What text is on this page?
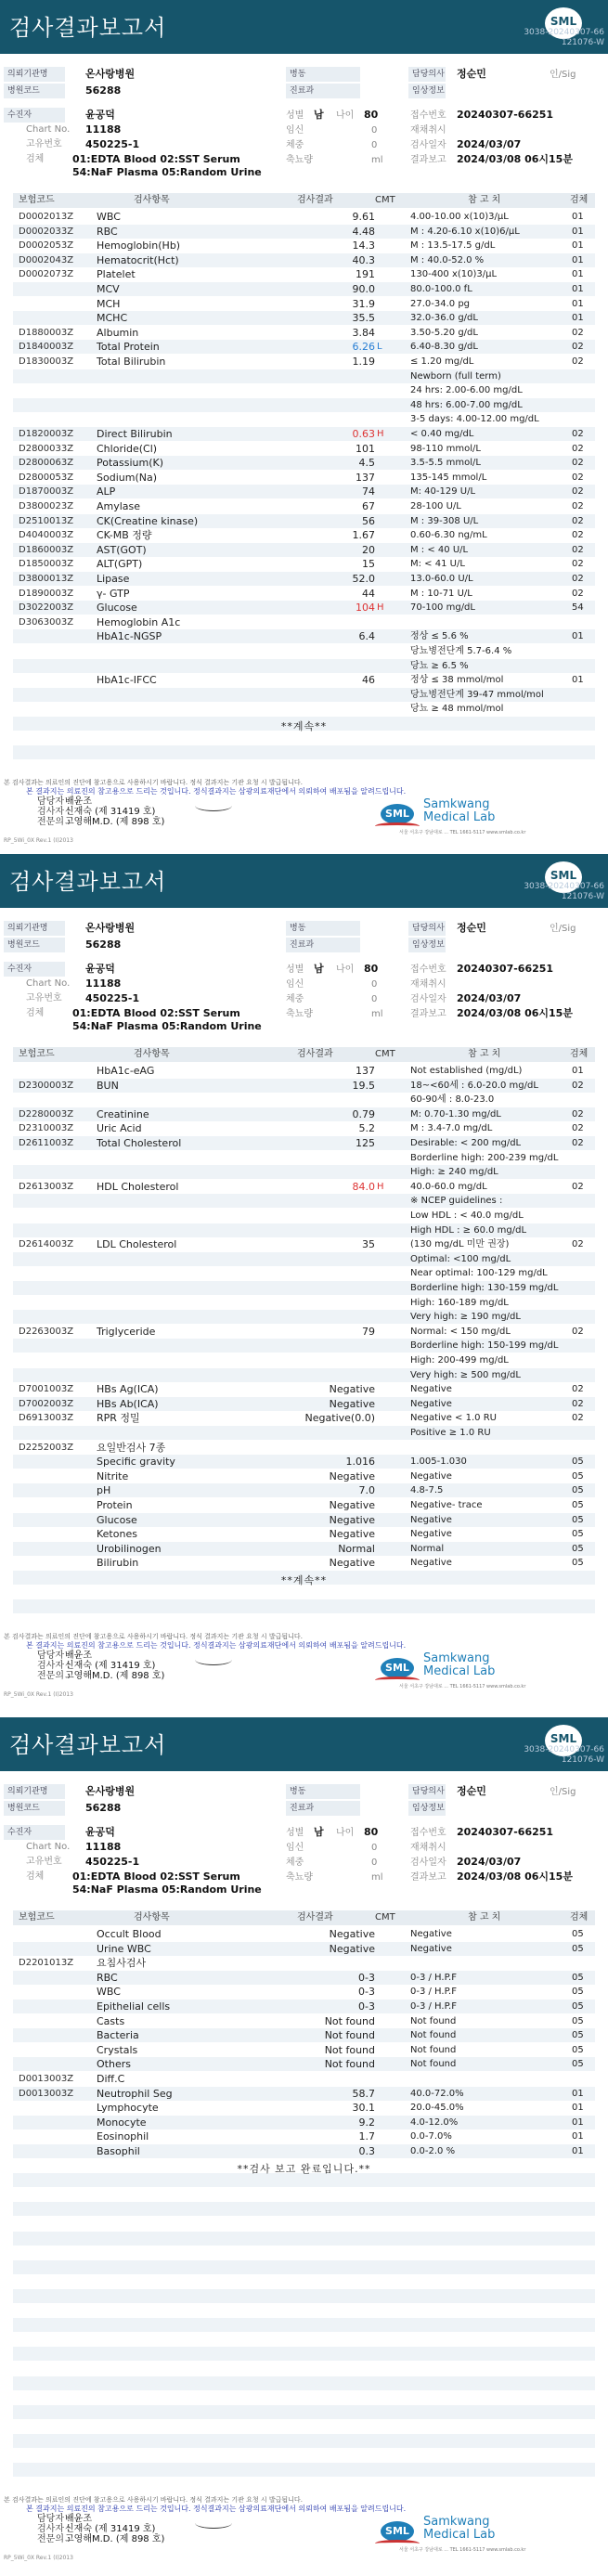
검사결과보고서	SML
3038-20240307-66
121076-W
의뢰기관명	온사랑병원	병동	담당의사 정순민	인/Sig
병원코드	56288	진료과	임상정보
수진자	윤공덕	성별 남 나이 80	접수번호 20240307-66251
Chart No. 11188	임신	0	재채취시
고유번호 450225-1	체중	0	검사일자 2024/03/07
검체	01:EDTA Blood 02:SST Serum	축뇨량	ml	결과보고 2024/03/08 06시15분
54:NaF Plasma 05:Random Urine
보험코드	검사항목	검사결과	CMT	참 고 치	검체
D0002013Z WBC	9.61	4.00-10.00 x(10)3/μL	01
D0002033Z RBC	4.48	M : 4.20-6.10 x(10)6/μL	01
D0002053Z Hemoglobin(Hb)	14.3	M : 13.5-17.5 g/dL	01
D0002043Z Hematocrit(Hct)	40.3	M : 40.0-52.0 %	01
D0002073Z Platelet	191	130-400 x(10)3/μL	01
MCV	90.0	80.0-100.0 fL	01
MCH	31.9	27.0-34.0 pg	01
MCHC	35.5	32.0-36.0 g/dL	01
D1880003Z Albumin	3.84	3.50-5.20 g/dL	02
D1840003Z Total Protein	6.26 L	6.40-8.30 g/dL	02
D1830003Z Total Bilirubin	1.19	≤ 1.20 mg/dL	02
Newborn (full term)
24 hrs: 2.00-6.00 mg/dL
48 hrs: 6.00-7.00 mg/dL
3-5 days: 4.00-12.00 mg/dL
D1820003Z Direct Bilirubin	0.63 H	< 0.40 mg/dL	02
D2800033Z Chloride(Cl)	101	98-110 mmol/L	02
D2800063Z Potassium(K)	4.5	3.5-5.5 mmol/L	02
D2800053Z Sodium(Na)	137	135-145 mmol/L	02
D1870003Z ALP	74	M: 40-129 U/L	02
D3800023Z Amylase	67	28-100 U/L	02
D2510013Z CK(Creatine kinase)	56	M : 39-308 U/L	02
D4040003Z CK-MB 정량	1.67	0.60-6.30 ng/mL	02
D1860003Z AST(GOT)	20	M : < 40 U/L	02
D1850003Z ALT(GPT)	15	M: < 41 U/L	02
D3800013Z Lipase	52.0	13.0-60.0 U/L	02
D1890003Z γ- GTP	44	M : 10-71 U/L	02
D3022003Z Glucose	104 H	70-100 mg/dL	54
D3063003Z Hemoglobin A1c
HbA1c-NGSP	6.4	정상 ≤ 5.6 %	01
당뇨병전단계 5.7-6.4 %
당뇨 ≥ 6.5 %
HbA1c-IFCC	46	정상 ≤ 38 mmol/mol	01
당뇨병전단계 39-47 mmol/mol
당뇨 ≥ 48 mmol/mol
본 검사결과는 의료인의 진단에 참고용으로 사용하시기 바랍니다. 정식 결과지는 기관 요청 시 발급됩니다.
본 결과지는 의료진의 참고용으로 드리는 것입니다. 정식결과지는 삼광의료재단에서 의뢰하여 배포됨을 알려드립니다.
담당자 :
검사자 :
전문의 :
배윤조
신재숙 (제 31419 호)
고영해M.D. (제 898 호)
SML
Samkwang
Medical Lab
서울 서초구 강남대로 ... TEL 1661-5117 www.smlab.co.kr
RP_5Wi_0X Rev.1 (I)2013
**계속**
검사결과보고서	SML
3038-20240307-66
121076-W
의뢰기관명	온사랑병원	병동	담당의사 정순민	인/Sig
병원코드	56288	진료과	임상정보
수진자	윤공덕	성별 남 나이 80	접수번호 20240307-66251
Chart No. 11188	임신	0	재채취시
고유번호 450225-1	체중	0	검사일자 2024/03/07
검체	01:EDTA Blood 02:SST Serum	축뇨량	ml	결과보고 2024/03/08 06시15분
54:NaF Plasma 05:Random Urine
보험코드	검사항목	검사결과	CMT	참 고 치	검체
HbA1c-eAG	137	Not established (mg/dL)	01
D2300003Z BUN	19.5	18~<60세 : 6.0-20.0 mg/dL	02
60-90세 : 8.0-23.0
D2280003Z Creatinine	0.79	M: 0.70-1.30 mg/dL	02
D2310003Z Uric Acid	5.2	M : 3.4-7.0 mg/dL	02
D2611003Z Total Cholesterol	125	Desirable: < 200 mg/dL	02
Borderline high: 200-239 mg/dL
High: ≥ 240 mg/dL
D2613003Z HDL Cholesterol	84.0 H	40.0-60.0 mg/dL	02
※ NCEP guidelines :
Low HDL : < 40.0 mg/dL
High HDL : ≥ 60.0 mg/dL
D2614003Z LDL Cholesterol	35	(130 mg/dL 미만 권장)	02
Optimal: <100 mg/dL
Near optimal: 100-129 mg/dL
Borderline high: 130-159 mg/dL
High: 160-189 mg/dL
Very high: ≥ 190 mg/dL
D2263003Z Triglyceride	79	Normal: < 150 mg/dL	02
Borderline high: 150-199 mg/dL
High: 200-499 mg/dL
Very high: ≥ 500 mg/dL
D7001003Z HBs Ag(ICA)	Negative	Negative	02
D7002003Z HBs Ab(ICA)	Negative	Negative	02
D6913003Z RPR 정밀	Negative(0.0)	Negative < 1.0 RU	02
Positive ≥ 1.0 RU
D2252003Z 요일반검사 7종
Specific gravity	1.016	1.005-1.030	05
Nitrite	Negative	Negative	05
pH	7.0	4.8-7.5	05
Protein	Negative	Negative- trace	05
Glucose	Negative	Negative	05
Ketones	Negative	Negative	05
Urobilinogen	Normal	Normal	05
Bilirubin	Negative	Negative	05
본 검사결과는 의료인의 진단에 참고용으로 사용하시기 바랍니다. 정식 결과지는 기관 요청 시 발급됩니다.
본 결과지는 의료진의 참고용으로 드리는 것입니다. 정식결과지는 삼광의료재단에서 의뢰하여 배포됨을 알려드립니다.
담당자 :
검사자 :
전문의 :
배윤조
신재숙 (제 31419 호)
고영해M.D. (제 898 호)
SML
Samkwang
Medical Lab
서울 서초구 강남대로 ... TEL 1661-5117 www.smlab.co.kr
RP_5Wi_0X Rev.1 (I)2013
**계속**
검사결과보고서	SML
3038-20240307-66
121076-W
의뢰기관명	온사랑병원	병동	담당의사 정순민	인/Sig
병원코드	56288	진료과	임상정보
수진자	윤공덕	성별 남 나이 80	접수번호 20240307-66251
Chart No. 11188	임신	0	재채취시
고유번호 450225-1	체중	0	검사일자 2024/03/07
검체	01:EDTA Blood 02:SST Serum	축뇨량	ml	결과보고 2024/03/08 06시15분
54:NaF Plasma 05:Random Urine
보험코드	검사항목	검사결과	CMT	참 고 치	검체
Occult Blood	Negative	Negative	05
Urine WBC	Negative	Negative	05
D2201013Z 요침사검사
RBC	0-3	0-3 / H.P.F	05
WBC	0-3	0-3 / H.P.F	05
Epithelial cells	0-3	0-3 / H.P.F	05
Casts	Not found	Not found	05
Bacteria	Not found	Not found	05
Crystals	Not found	Not found	05
Others	Not found	Not found	05
D0013003Z Diff.C
D0013003Z Neutrophil Seg	58.7	40.0-72.0%	01
Lymphocyte	30.1	20.0-45.0%	01
Monocyte	9.2	4.0-12.0%	01
Eosinophil	1.7	0.0-7.0%	01
Basophil	0.3	0.0-2.0 %	01
본 검사결과는 의료인의 진단에 참고용으로 사용하시기 바랍니다. 정식 결과지는 기관 요청 시 발급됩니다.
본 결과지는 의료진의 참고용으로 드리는 것입니다. 정식결과지는 삼광의료재단에서 의뢰하여 배포됨을 알려드립니다.
담당자 :
검사자 :
전문의 :
배윤조
신재숙 (제 31419 호)
고영해M.D. (제 898 호)
SML
Samkwang
Medical Lab
서울 서초구 강남대로 ... TEL 1661-5117 www.smlab.co.kr
RP_5Wi_0X Rev.1 (I)2013
**검사 보고 완료입니다.**
